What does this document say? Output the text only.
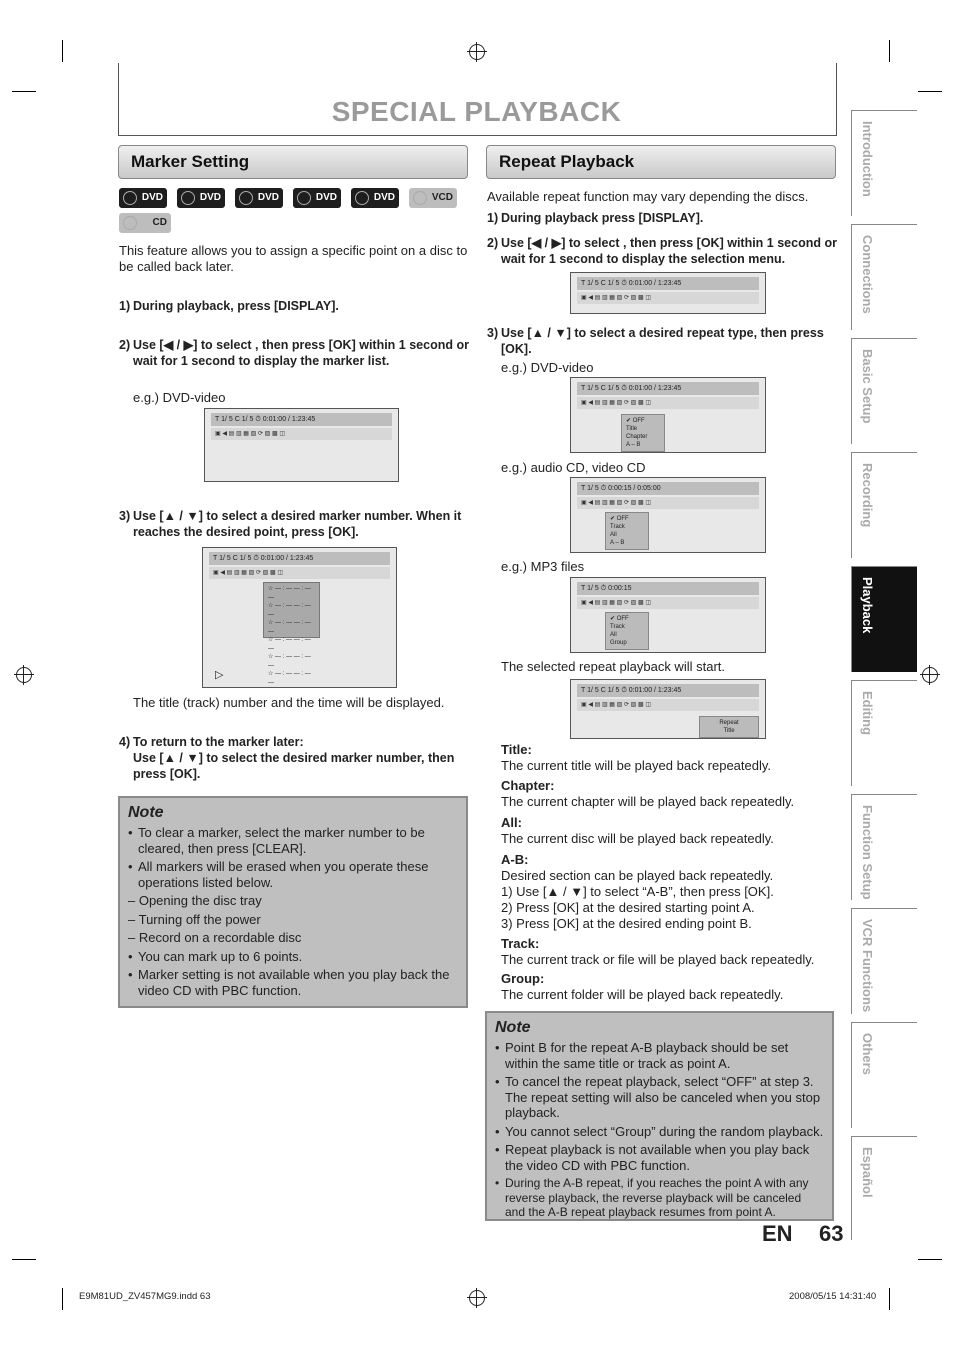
SPECIAL PLAYBACK
Marker Setting
DVD	DVD	DVD	DVD	DVD	VCD
CD
This feature allows you to assign a specific point on a disc to be called back later.
1) During playback, press [DISPLAY].
2) Use [◀ / ▶] to select , then press [OK] within 1 second or wait for 1 second to display the marker list.
e.g.) DVD-video
T 1/ 5 C 1/ 5 ⏱ 0:01:00 / 1:23:45
▣ ◀ ▤ ▥ ▦ ▧ ⟳ ▨ ▩ ◫
3) Use [▲ / ▼] to select a desired marker number. When it reaches the desired point, press [OK].
T 1/ 5 C 1/ 5 ⏱ 0:01:00 / 1:23:45
▣ ◀ ▤ ▥ ▦ ▧ ⟳ ▨ ▩ ◫
☆ — : — — : — —
☆ — : — — : — —
☆ — : — — : — —
☆ — : — — : — —
☆ — : — — : — —
☆ — : — — : — —
▷
The title (track) number and the time will be displayed.
4) To return to the marker later:
Use [▲ / ▼] to select the desired marker number, then press [OK].
Note
• To clear a marker, select the marker number to be cleared, then press [CLEAR].
• All markers will be erased when you operate these operations listed below.
– Opening the disc tray
– Turning off the power
– Record on a recordable disc
• You can mark up to 6 points.
• Marker setting is not available when you play back the video CD with PBC function.
Repeat Playback
Available repeat function may vary depending the discs.
1) During playback press [DISPLAY].
2) Use [◀ / ▶] to select , then press [OK] within 1 second or wait for 1 second to display the selection menu.
T 1/ 5 C 1/ 5 ⏱ 0:01:00 / 1:23:45
▣ ◀ ▤ ▥ ▦ ▧ ⟳ ▨ ▩ ◫
3) Use [▲ / ▼] to select a desired repeat type, then press [OK].
e.g.) DVD-video
T 1/ 5 C 1/ 5 ⏱ 0:01:00 / 1:23:45
▣ ◀ ▤ ▥ ▦ ▧ ⟳ ▨ ▩ ◫
✔ OFF
Title
Chapter
A – B
e.g.) audio CD, video CD
T 1/ 5 ⏱ 0:00:15 / 0:05:00
▣ ◀ ▤ ▥ ▦ ▧ ⟳ ▨ ▩ ◫
✔ OFF
Track
All
A – B
e.g.) MP3 files
T 1/ 5 ⏱ 0:00:15
▣ ◀ ▤ ▥ ▦ ▧ ⟳ ▨ ▩ ◫
✔ OFF
Track
All
Group
The selected repeat playback will start.
T 1/ 5 C 1/ 5 ⏱ 0:01:00 / 1:23:45
▣ ◀ ▤ ▥ ▦ ▧ ⟳ ▨ ▩ ◫
Repeat
Title
Title:
The current title will be played back repeatedly.
Chapter:
The current chapter will be played back repeatedly.
All:
The current disc will be played back repeatedly.
A-B:
Desired section can be played back repeatedly.
1) Use [▲ / ▼] to select “A-B”, then press [OK].
2) Press [OK] at the desired starting point A.
3) Press [OK] at the desired ending point B.
Track:
The current track or file will be played back repeatedly.
Group:
The current folder will be played back repeatedly.
Note
• Point B for the repeat A-B playback should be set within the same title or track as point A.
• To cancel the repeat playback, select “OFF” at step 3. The repeat setting will also be canceled when you stop playback.
• You cannot select “Group” during the random playback.
• Repeat playback is not available when you play back the video CD with PBC function.
• During the A-B repeat, if you reaches the point A with any reverse playback, the reverse playback will be canceled and the A-B repeat playback resumes from point A.
Introduction
Connections
Basic Setup
Recording
Playback
Editing
Function Setup
VCR Functions
Others
Español
EN 63
E9M81UD_ZV457MG9.indd 63	2008/05/15 14:31:40
